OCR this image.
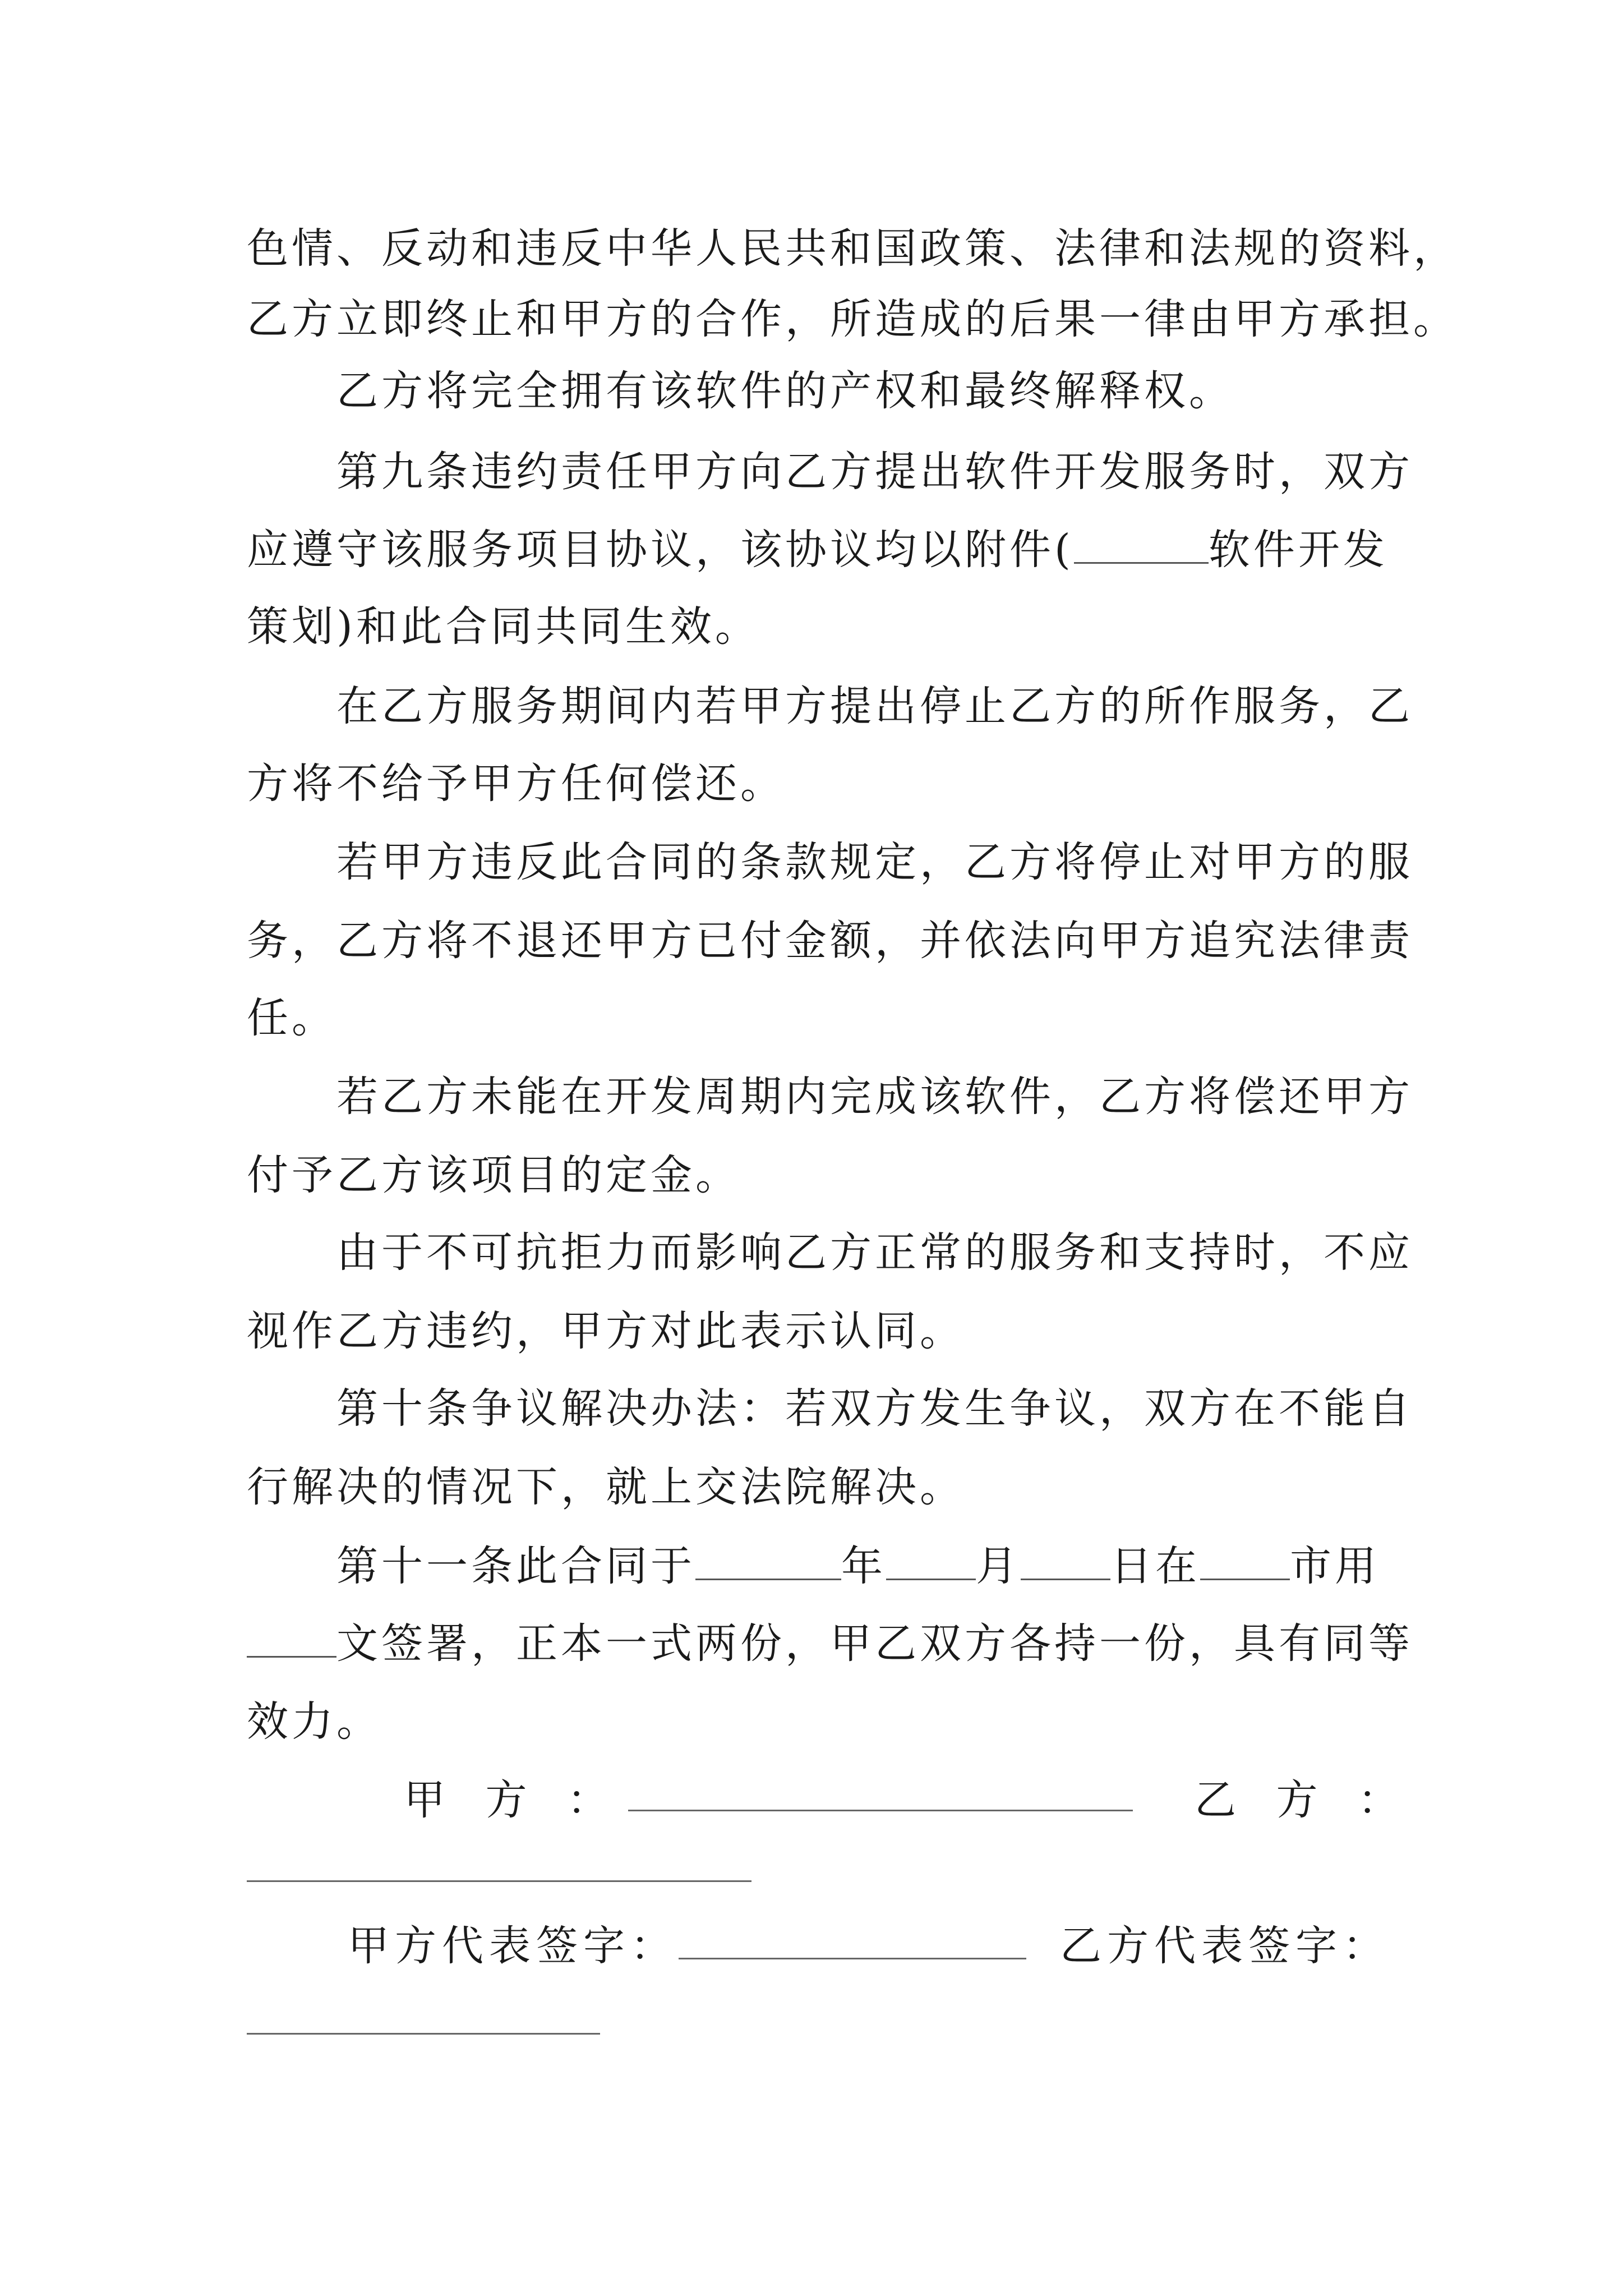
色情、反动和违反中华人民共和国政策、法律和法规的资料，
乙方立即终止和甲方的合作，所造成的后果一律由甲方承担。
乙方将完全拥有该软件的产权和最终解释权。
第九条违约责任甲方向乙方提出软件开发服务时，双方
应遵守该服务项目协议，该协议均以附件(	软件开发
策划)和此合同共同生效。
在乙方服务期间内若甲方提出停止乙方的所作服务，乙
方将不给予甲方任何偿还。
若甲方违反此合同的条款规定，乙方将停止对甲方的服
务，乙方将不退还甲方已付金额，并依法向甲方追究法律责
任。
若乙方未能在开发周期内完成该软件，乙方将偿还甲方
付予乙方该项目的定金。
由于不可抗拒力而影响乙方正常的服务和支持时，不应
视作乙方违约，甲方对此表示认同。
第十条争议解决办法：若双方发生争议，双方在不能自
行解决的情况下，就上交法院解决。
第十一条此合同于	年 月 日在 市用
文签署，正本一式两份，甲乙双方各持一份，具有同等
效力。
甲 方 ：	乙 方 ：
甲方代表签字：	乙方代表签字：
